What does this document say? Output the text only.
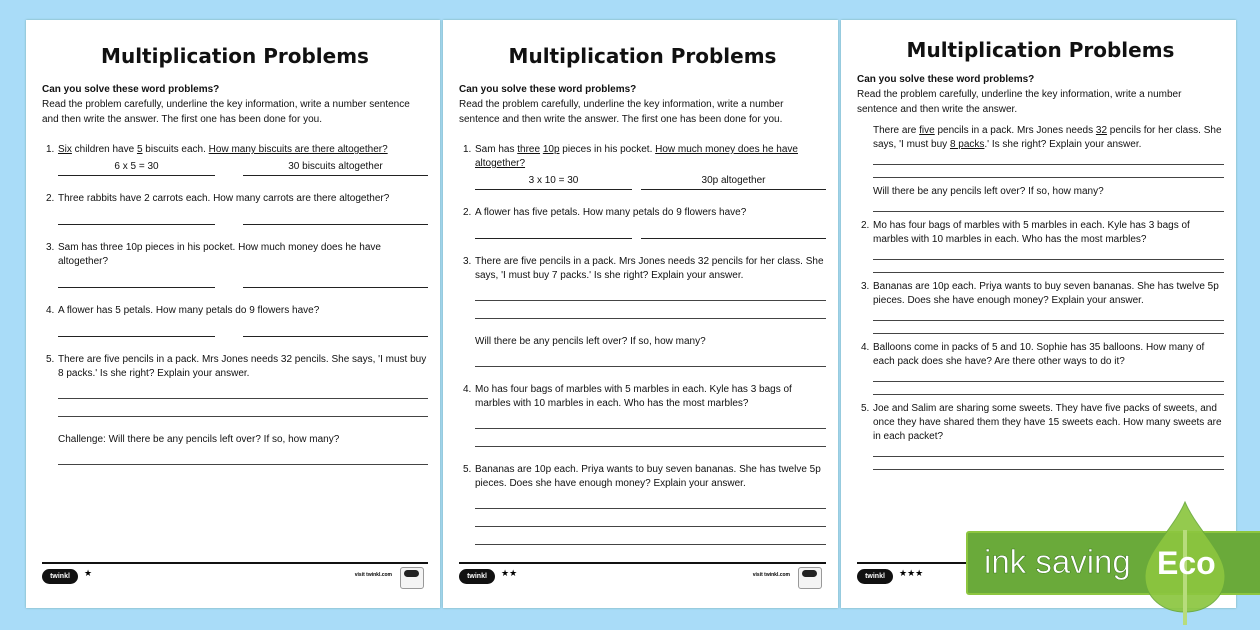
Multiplication Problems
Can you solve these word problems?
Read the problem carefully, underline the key information, write a number sentence and then write the answer. The first one has been done for you.
1. Six children have 5 biscuits each. How many biscuits are there altogether?
6 x 5 = 30	30 biscuits altogether
2. Three rabbits have 2 carrots each. How many carrots are there altogether?
3. Sam has three 10p pieces in his pocket. How much money does he have altogether?
4. A flower has 5 petals. How many petals do 9 flowers have?
5. There are five pencils in a pack. Mrs Jones needs 32 pencils. She says, 'I must buy 8 packs.' Is she right? Explain your answer.
Challenge: Will there be any pencils left over? If so, how many?
twinkl	★	visit twinkl.com
Multiplication Problems
Can you solve these word problems?
Read the problem carefully, underline the key information, write a number sentence and then write the answer. The first one has been done for you.
1. Sam has three 10p pieces in his pocket. How much money does he have altogether?
3 x 10 = 30	30p altogether
2. A flower has five petals. How many petals do 9 flowers have?
3. There are five pencils in a pack. Mrs Jones needs 32 pencils for her class. She says, 'I must buy 7 packs.' Is she right? Explain your answer.
Will there be any pencils left over? If so, how many?
4. Mo has four bags of marbles with 5 marbles in each. Kyle has 3 bags of marbles with 10 marbles in each. Who has the most marbles?
5. Bananas are 10p each. Priya wants to buy seven bananas. She has twelve 5p pieces. Does she have enough money? Explain your answer.
twinkl	★★	visit twinkl.com
Multiplication Problems
Can you solve these word problems?
Read the problem carefully, underline the key information, write a number sentence and then write the answer.
There are five pencils in a pack. Mrs Jones needs 32 pencils for her class. She says, 'I must buy 8 packs.' Is she right? Explain your answer.
Will there be any pencils left over? If so, how many?
2. Mo has four bags of marbles with 5 marbles in each. Kyle has 3 bags of marbles with 10 marbles in each. Who has the most marbles?
3. Bananas are 10p each. Priya wants to buy seven bananas. She has twelve 5p pieces. Does she have enough money? Explain your answer.
4. Balloons come in packs of 5 and 10. Sophie has 35 balloons. How many of each pack does she have? Are there other ways to do it?
5. Joe and Salim are sharing some sweets. They have five packs of sweets, and once they have shared them they have 15 sweets each. How many sweets are in each packet?
twinkl	★★★ ink saving Eco
